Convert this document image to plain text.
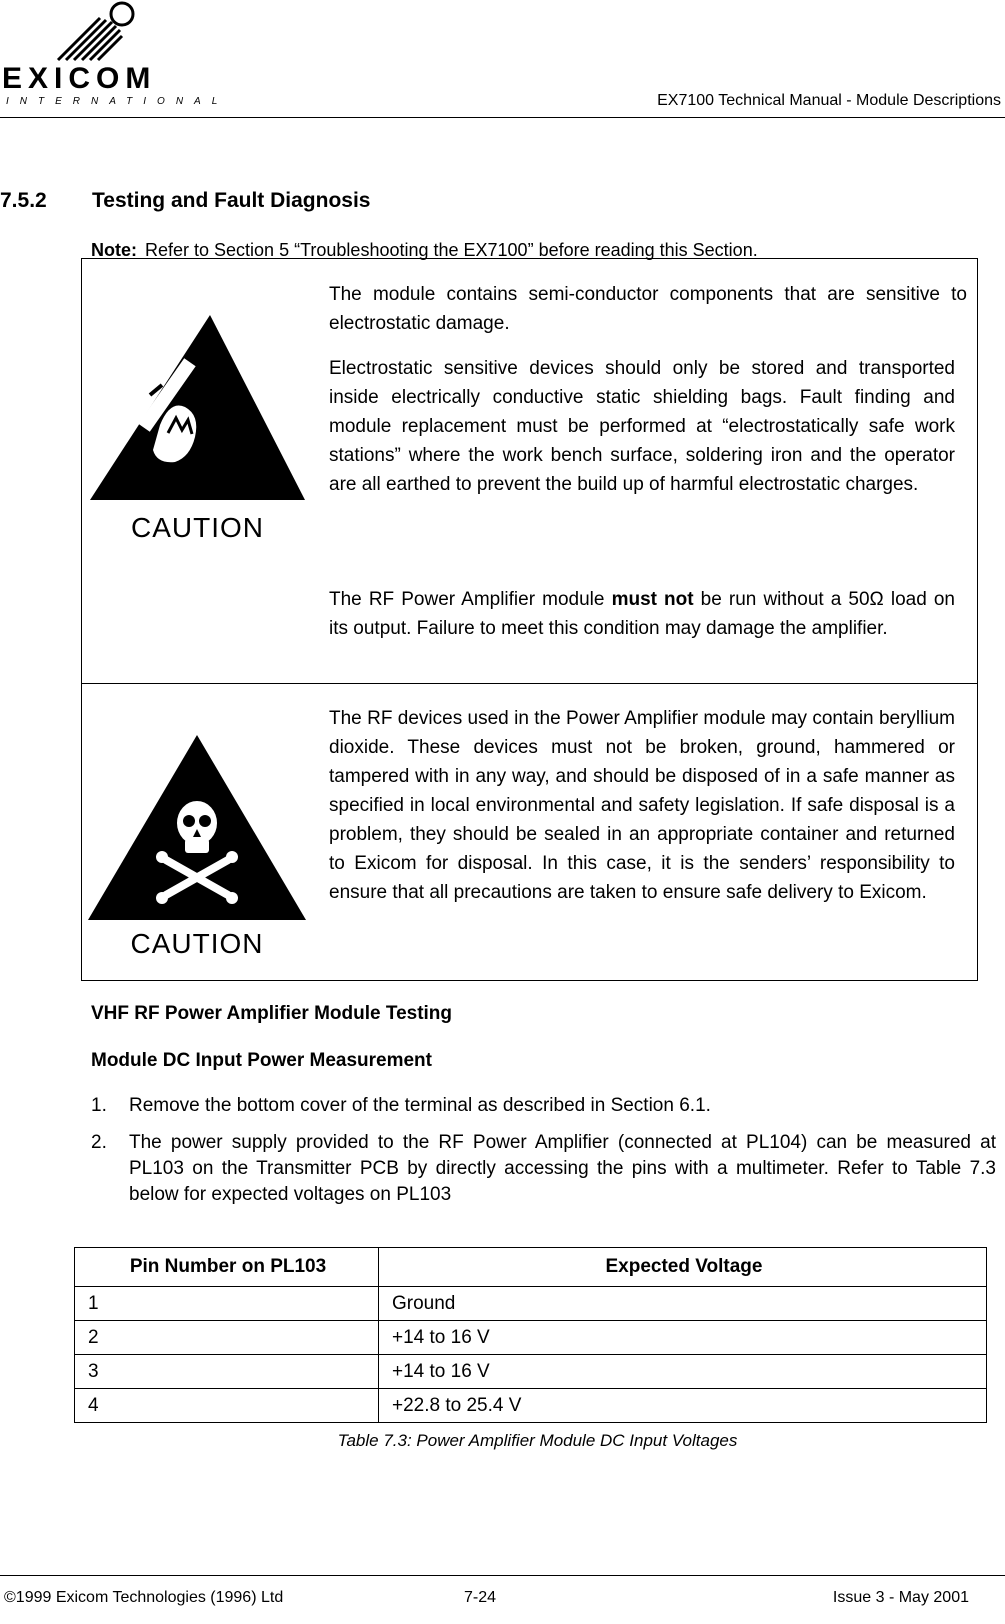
EXICOM
INTERNATIONAL	EX7100 Technical Manual - Module Descriptions
7.5.2 Testing and Fault Diagnosis
Note: Refer to Section 5 “Troubleshooting the EX7100” before reading this Section.
CAUTION
The module contains semi-conductor components that are sensitive to electrostatic damage.
Electrostatic sensitive devices should only be stored and transported inside electrically conductive static shielding bags. Fault finding and module replacement must be performed at “electrostatically safe work stations” where the work bench surface, soldering iron and the operator are all earthed to prevent the build up of harmful electrostatic charges.
The RF Power Amplifier module must not be run without a 50Ω load on its output. Failure to meet this condition may damage the amplifier.
CAUTION
The RF devices used in the Power Amplifier module may contain beryllium dioxide. These devices must not be broken, ground, hammered or tampered with in any way, and should be disposed of in a safe manner as specified in local environmental and safety legislation. If safe disposal is a problem, they should be sealed in an appropriate container and returned to Exicom for disposal. In this case, it is the senders’ responsibility to ensure that all precautions are taken to ensure safe delivery to Exicom.
VHF RF Power Amplifier Module Testing
Module DC Input Power Measurement
1. Remove the bottom cover of the terminal as described in Section 6.1.
2. The power supply provided to the RF Power Amplifier (connected at PL104) can be measured at PL103 on the Transmitter PCB by directly accessing the pins with a multimeter. Refer to Table 7.3 below for expected voltages on PL103
Pin Number on PL103	Expected Voltage
1	Ground
2	+14 to 16 V
3	+14 to 16 V
4	+22.8 to 25.4 V
Table 7.3: Power Amplifier Module DC Input Voltages
©1999 Exicom Technologies (1996) Ltd	7-24	Issue 3 - May 2001
